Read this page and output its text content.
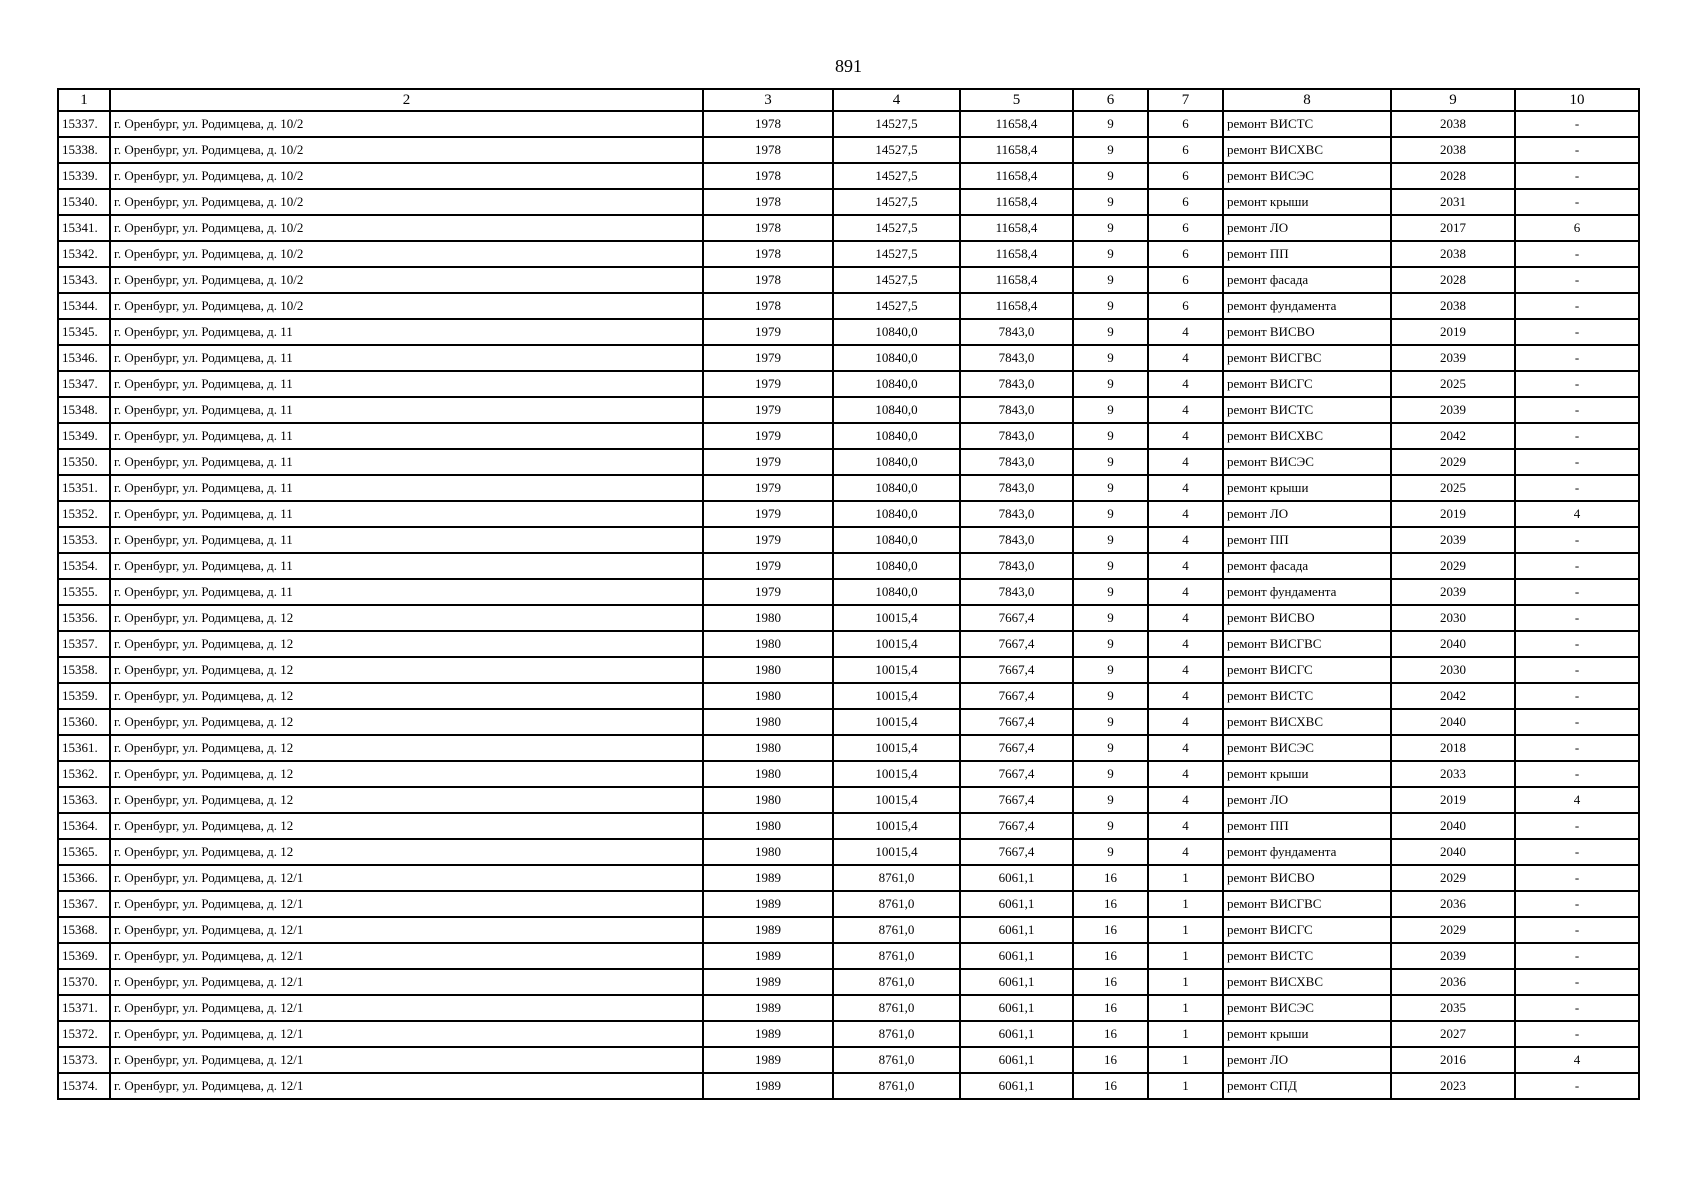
891
1	2	3	4	5	6	7	8	9	10
15337.	г. Оренбург, ул. Родимцева, д. 10/2	1978	14527,5	11658,4	9	6	ремонт ВИСТС	2038	-
15338.	г. Оренбург, ул. Родимцева, д. 10/2	1978	14527,5	11658,4	9	6	ремонт ВИСХВС	2038	-
15339.	г. Оренбург, ул. Родимцева, д. 10/2	1978	14527,5	11658,4	9	6	ремонт ВИСЭС	2028	-
15340.	г. Оренбург, ул. Родимцева, д. 10/2	1978	14527,5	11658,4	9	6	ремонт крыши	2031	-
15341.	г. Оренбург, ул. Родимцева, д. 10/2	1978	14527,5	11658,4	9	6	ремонт ЛО	2017	6
15342.	г. Оренбург, ул. Родимцева, д. 10/2	1978	14527,5	11658,4	9	6	ремонт ПП	2038	-
15343.	г. Оренбург, ул. Родимцева, д. 10/2	1978	14527,5	11658,4	9	6	ремонт фасада	2028	-
15344.	г. Оренбург, ул. Родимцева, д. 10/2	1978	14527,5	11658,4	9	6	ремонт фундамента	2038	-
15345.	г. Оренбург, ул. Родимцева, д. 11	1979	10840,0	7843,0	9	4	ремонт ВИСВО	2019	-
15346.	г. Оренбург, ул. Родимцева, д. 11	1979	10840,0	7843,0	9	4	ремонт ВИСГВС	2039	-
15347.	г. Оренбург, ул. Родимцева, д. 11	1979	10840,0	7843,0	9	4	ремонт ВИСГС	2025	-
15348.	г. Оренбург, ул. Родимцева, д. 11	1979	10840,0	7843,0	9	4	ремонт ВИСТС	2039	-
15349.	г. Оренбург, ул. Родимцева, д. 11	1979	10840,0	7843,0	9	4	ремонт ВИСХВС	2042	-
15350.	г. Оренбург, ул. Родимцева, д. 11	1979	10840,0	7843,0	9	4	ремонт ВИСЭС	2029	-
15351.	г. Оренбург, ул. Родимцева, д. 11	1979	10840,0	7843,0	9	4	ремонт крыши	2025	-
15352.	г. Оренбург, ул. Родимцева, д. 11	1979	10840,0	7843,0	9	4	ремонт ЛО	2019	4
15353.	г. Оренбург, ул. Родимцева, д. 11	1979	10840,0	7843,0	9	4	ремонт ПП	2039	-
15354.	г. Оренбург, ул. Родимцева, д. 11	1979	10840,0	7843,0	9	4	ремонт фасада	2029	-
15355.	г. Оренбург, ул. Родимцева, д. 11	1979	10840,0	7843,0	9	4	ремонт фундамента	2039	-
15356.	г. Оренбург, ул. Родимцева, д. 12	1980	10015,4	7667,4	9	4	ремонт ВИСВО	2030	-
15357.	г. Оренбург, ул. Родимцева, д. 12	1980	10015,4	7667,4	9	4	ремонт ВИСГВС	2040	-
15358.	г. Оренбург, ул. Родимцева, д. 12	1980	10015,4	7667,4	9	4	ремонт ВИСГС	2030	-
15359.	г. Оренбург, ул. Родимцева, д. 12	1980	10015,4	7667,4	9	4	ремонт ВИСТС	2042	-
15360.	г. Оренбург, ул. Родимцева, д. 12	1980	10015,4	7667,4	9	4	ремонт ВИСХВС	2040	-
15361.	г. Оренбург, ул. Родимцева, д. 12	1980	10015,4	7667,4	9	4	ремонт ВИСЭС	2018	-
15362.	г. Оренбург, ул. Родимцева, д. 12	1980	10015,4	7667,4	9	4	ремонт крыши	2033	-
15363.	г. Оренбург, ул. Родимцева, д. 12	1980	10015,4	7667,4	9	4	ремонт ЛО	2019	4
15364.	г. Оренбург, ул. Родимцева, д. 12	1980	10015,4	7667,4	9	4	ремонт ПП	2040	-
15365.	г. Оренбург, ул. Родимцева, д. 12	1980	10015,4	7667,4	9	4	ремонт фундамента	2040	-
15366.	г. Оренбург, ул. Родимцева, д. 12/1	1989	8761,0	6061,1	16	1	ремонт ВИСВО	2029	-
15367.	г. Оренбург, ул. Родимцева, д. 12/1	1989	8761,0	6061,1	16	1	ремонт ВИСГВС	2036	-
15368.	г. Оренбург, ул. Родимцева, д. 12/1	1989	8761,0	6061,1	16	1	ремонт ВИСГС	2029	-
15369.	г. Оренбург, ул. Родимцева, д. 12/1	1989	8761,0	6061,1	16	1	ремонт ВИСТС	2039	-
15370.	г. Оренбург, ул. Родимцева, д. 12/1	1989	8761,0	6061,1	16	1	ремонт ВИСХВС	2036	-
15371.	г. Оренбург, ул. Родимцева, д. 12/1	1989	8761,0	6061,1	16	1	ремонт ВИСЭС	2035	-
15372.	г. Оренбург, ул. Родимцева, д. 12/1	1989	8761,0	6061,1	16	1	ремонт крыши	2027	-
15373.	г. Оренбург, ул. Родимцева, д. 12/1	1989	8761,0	6061,1	16	1	ремонт ЛО	2016	4
15374.	г. Оренбург, ул. Родимцева, д. 12/1	1989	8761,0	6061,1	16	1	ремонт СПД	2023	-
